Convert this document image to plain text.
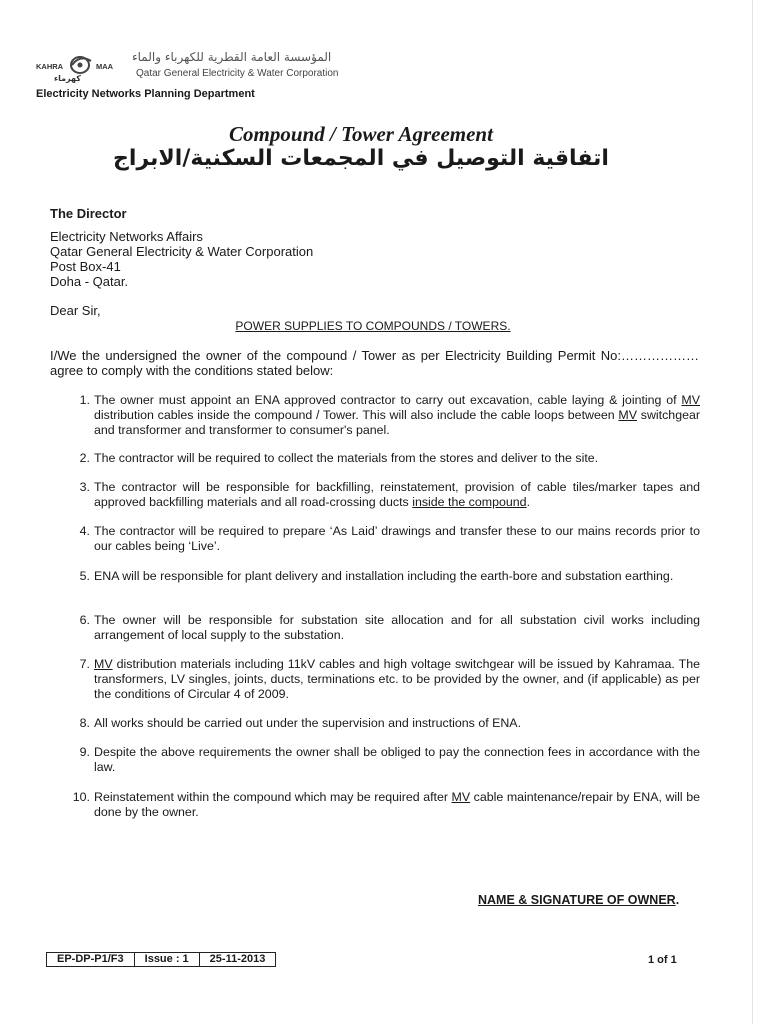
KAHRA	MAA
كهرماء
المؤسسة العامة القطرية للكهرباء والماء
Qatar General Electricity & Water Corporation
Electricity Networks Planning Department
Compound / Tower Agreement
اتفاقية التوصيل في المجمعات السكنية/الابراج
The Director
Electricity Networks Affairs
Qatar General Electricity & Water Corporation
Post Box-41
Doha - Qatar.
Dear Sir,
POWER SUPPLIES TO COMPOUNDS / TOWERS.
I/We the undersigned the owner of the compound / Tower as per Electricity Building Permit No:……………… agree to comply with the conditions stated below:
1. The owner must appoint an ENA approved contractor to carry out excavation, cable laying & jointing of MV distribution cables inside the compound / Tower. This will also include the cable loops between MV switchgear and transformer and transformer to consumer's panel.
2. The contractor will be required to collect the materials from the stores and deliver to the site.
3. The contractor will be responsible for backfilling, reinstatement, provision of cable tiles/marker tapes and approved backfilling materials and all road-crossing ducts inside the compound.
4. The contractor will be required to prepare ‘As Laid’ drawings and transfer these to our mains records prior to our cables being ‘Live’.
5. ENA will be responsible for plant delivery and installation including the earth-bore and substation earthing.
6. The owner will be responsible for substation site allocation and for all substation civil works including arrangement of local supply to the substation.
7. MV distribution materials including 11kV cables and high voltage switchgear will be issued by Kahramaa. The transformers, LV singles, joints, ducts, terminations etc. to be provided by the owner, and (if applicable) as per the conditions of Circular 4 of 2009.
8. All works should be carried out under the supervision and instructions of ENA.
9. Despite the above requirements the owner shall be obliged to pay the connection fees in accordance with the law.
10. Reinstatement within the compound which may be required after MV cable maintenance/repair by ENA, will be done by the owner.
NAME & SIGNATURE OF OWNER.
EP-DP-P1/F3	Issue : 1	25-11-2013	1 of 1
